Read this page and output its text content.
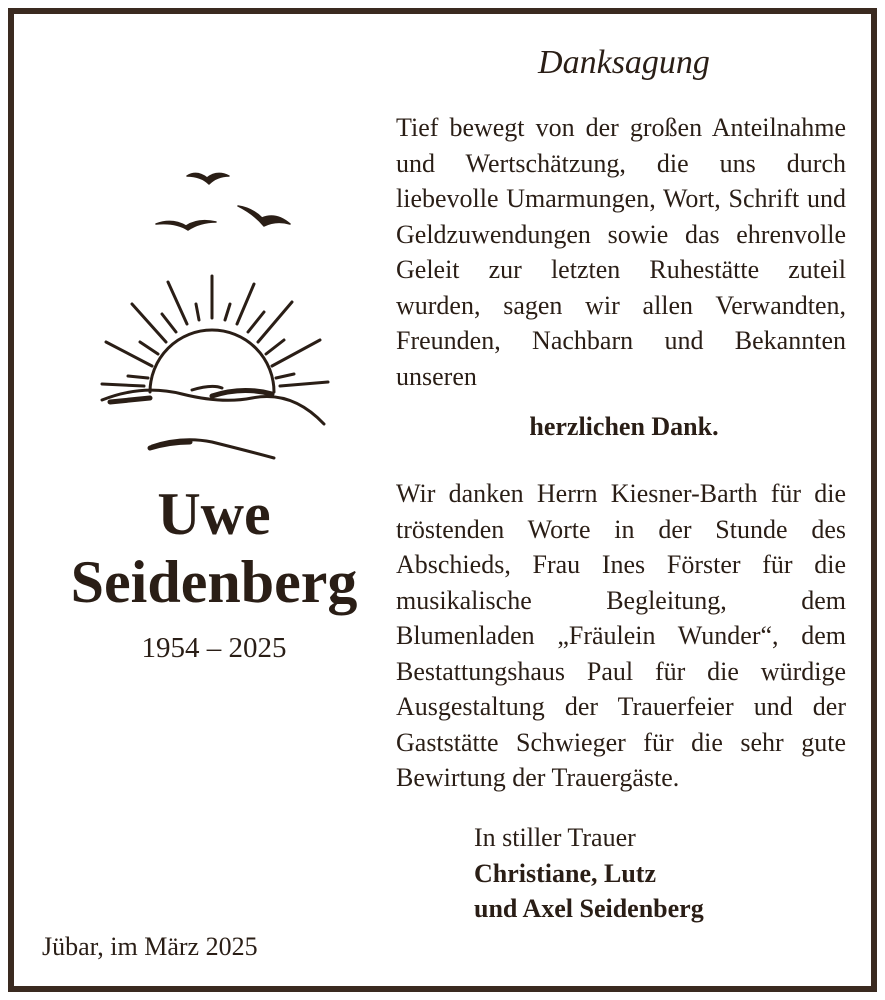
Uwe
Seidenberg
1954 – 2025
Jübar, im März 2025
Danksagung
Tief bewegt von der großen Anteilnahme und Wertschätzung, die uns durch liebevolle Umarmungen, Wort, Schrift und Geldzuwendungen sowie das ehrenvolle Geleit zur letzten Ruhestätte zuteil wurden, sagen wir allen Verwandten, Freunden, Nachbarn und Bekannten unseren
herzlichen Dank.
Wir danken Herrn Kiesner-Barth für die tröstenden Worte in der Stunde des Abschieds, Frau Ines Förster für die musikalische Begleitung, dem Blumenladen „Fräulein Wunder“, dem Bestattungshaus Paul für die würdige Ausgestaltung der Trauerfeier und der Gaststätte Schwieger für die sehr gute Bewirtung der Trauergäste.
In stiller Trauer
Christiane, Lutz
und Axel Seidenberg
